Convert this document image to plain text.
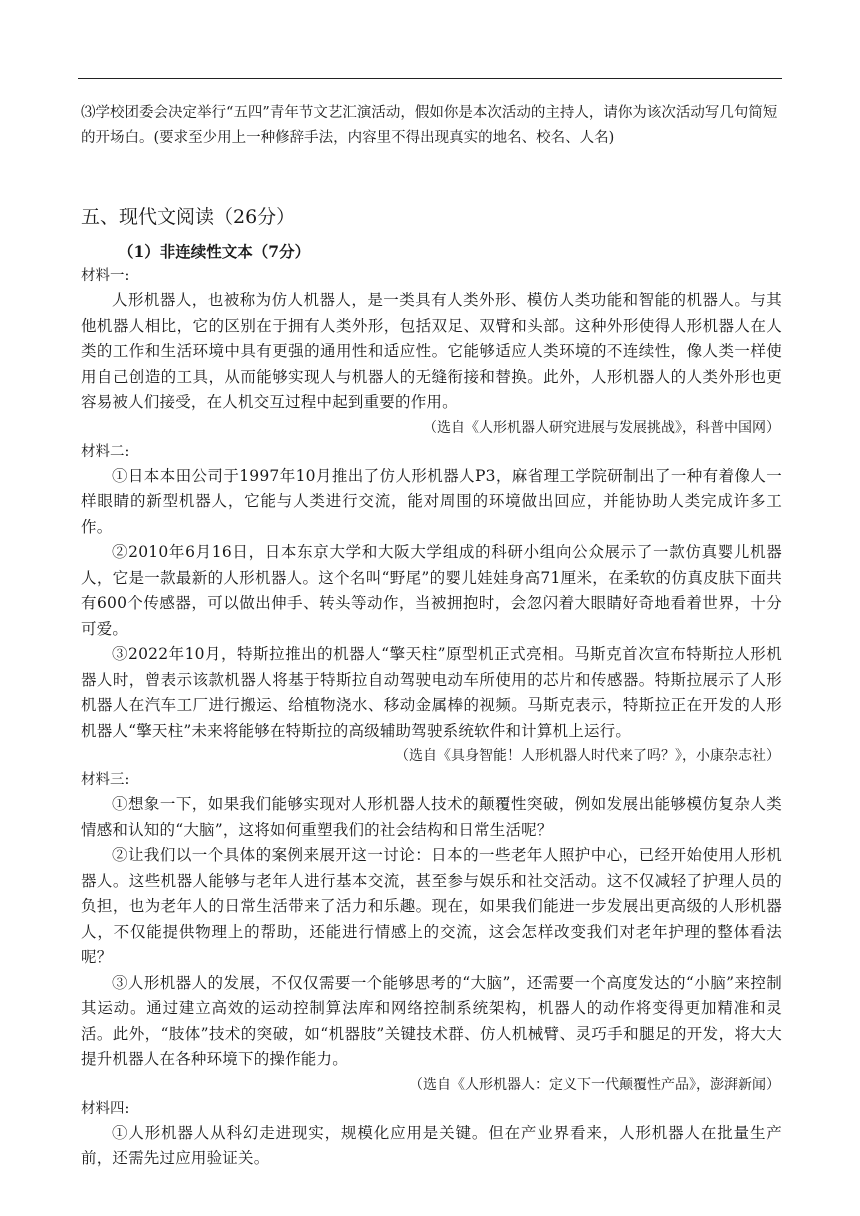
⑶学校团委会决定举行“五四”青年节文艺汇演活动，假如你是本次活动的主持人，请你为该次活动写几句简短的开场白。(要求至少用上一种修辞手法，内容里不得出现真实的地名、校名、人名)
五、现代文阅读（26分）
（1）非连续性文本（7分）
材料一:
人形机器人，也被称为仿人机器人，是一类具有人类外形、模仿人类功能和智能的机器人。与其他机器人相比，它的区别在于拥有人类外形，包括双足、双臂和头部。这种外形使得人形机器人在人类的工作和生活环境中具有更强的通用性和适应性。它能够适应人类环境的不连续性，像人类一样使用自己创造的工具，从而能够实现人与机器人的无缝衔接和替换。此外，人形机器人的人类外形也更容易被人们接受，在人机交互过程中起到重要的作用。
（选自《人形机器人研究进展与发展挑战》，科普中国网）
材料二:
①日本本田公司于1997年10月推出了仿人形机器人P3，麻省理工学院研制出了一种有着像人一样眼睛的新型机器人，它能与人类进行交流，能对周围的环境做出回应，并能协助人类完成许多工作。
②2010年6月16日，日本东京大学和大阪大学组成的科研小组向公众展示了一款仿真婴儿机器人，它是一款最新的人形机器人。这个名叫“野尾”的婴儿娃娃身高71厘米，在柔软的仿真皮肤下面共有600个传感器，可以做出伸手、转头等动作，当被拥抱时，会忽闪着大眼睛好奇地看着世界，十分可爱。
③2022年10月，特斯拉推出的机器人“擎天柱”原型机正式亮相。马斯克首次宣布特斯拉人形机器人时，曾表示该款机器人将基于特斯拉自动驾驶电动车所使用的芯片和传感器。特斯拉展示了人形机器人在汽车工厂进行搬运、给植物浇水、移动金属棒的视频。马斯克表示，特斯拉正在开发的人形机器人“擎天柱”未来将能够在特斯拉的高级辅助驾驶系统软件和计算机上运行。
（选自《具身智能！人形机器人时代来了吗？》，小康杂志社）
材料三:
①想象一下，如果我们能够实现对人形机器人技术的颠覆性突破，例如发展出能够模仿复杂人类情感和认知的“大脑”，这将如何重塑我们的社会结构和日常生活呢？
②让我们以一个具体的案例来展开这一讨论：日本的一些老年人照护中心，已经开始使用人形机器人。这些机器人能够与老年人进行基本交流，甚至参与娱乐和社交活动。这不仅减轻了护理人员的负担，也为老年人的日常生活带来了活力和乐趣。现在，如果我们能进一步发展出更高级的人形机器人，不仅能提供物理上的帮助，还能进行情感上的交流，这会怎样改变我们对老年护理的整体看法呢？
③人形机器人的发展，不仅仅需要一个能够思考的“大脑”，还需要一个高度发达的“小脑”来控制其运动。通过建立高效的运动控制算法库和网络控制系统架构，机器人的动作将变得更加精准和灵活。此外，“肢体”技术的突破，如“机器肢”关键技术群、仿人机械臂、灵巧手和腿足的开发，将大大提升机器人在各种环境下的操作能力。
（选自《人形机器人：定义下一代颠覆性产品》，澎湃新闻）
材料四:
①人形机器人从科幻走进现实，规模化应用是关键。但在产业界看来，人形机器人在批量生产前，还需先过应用验证关。
